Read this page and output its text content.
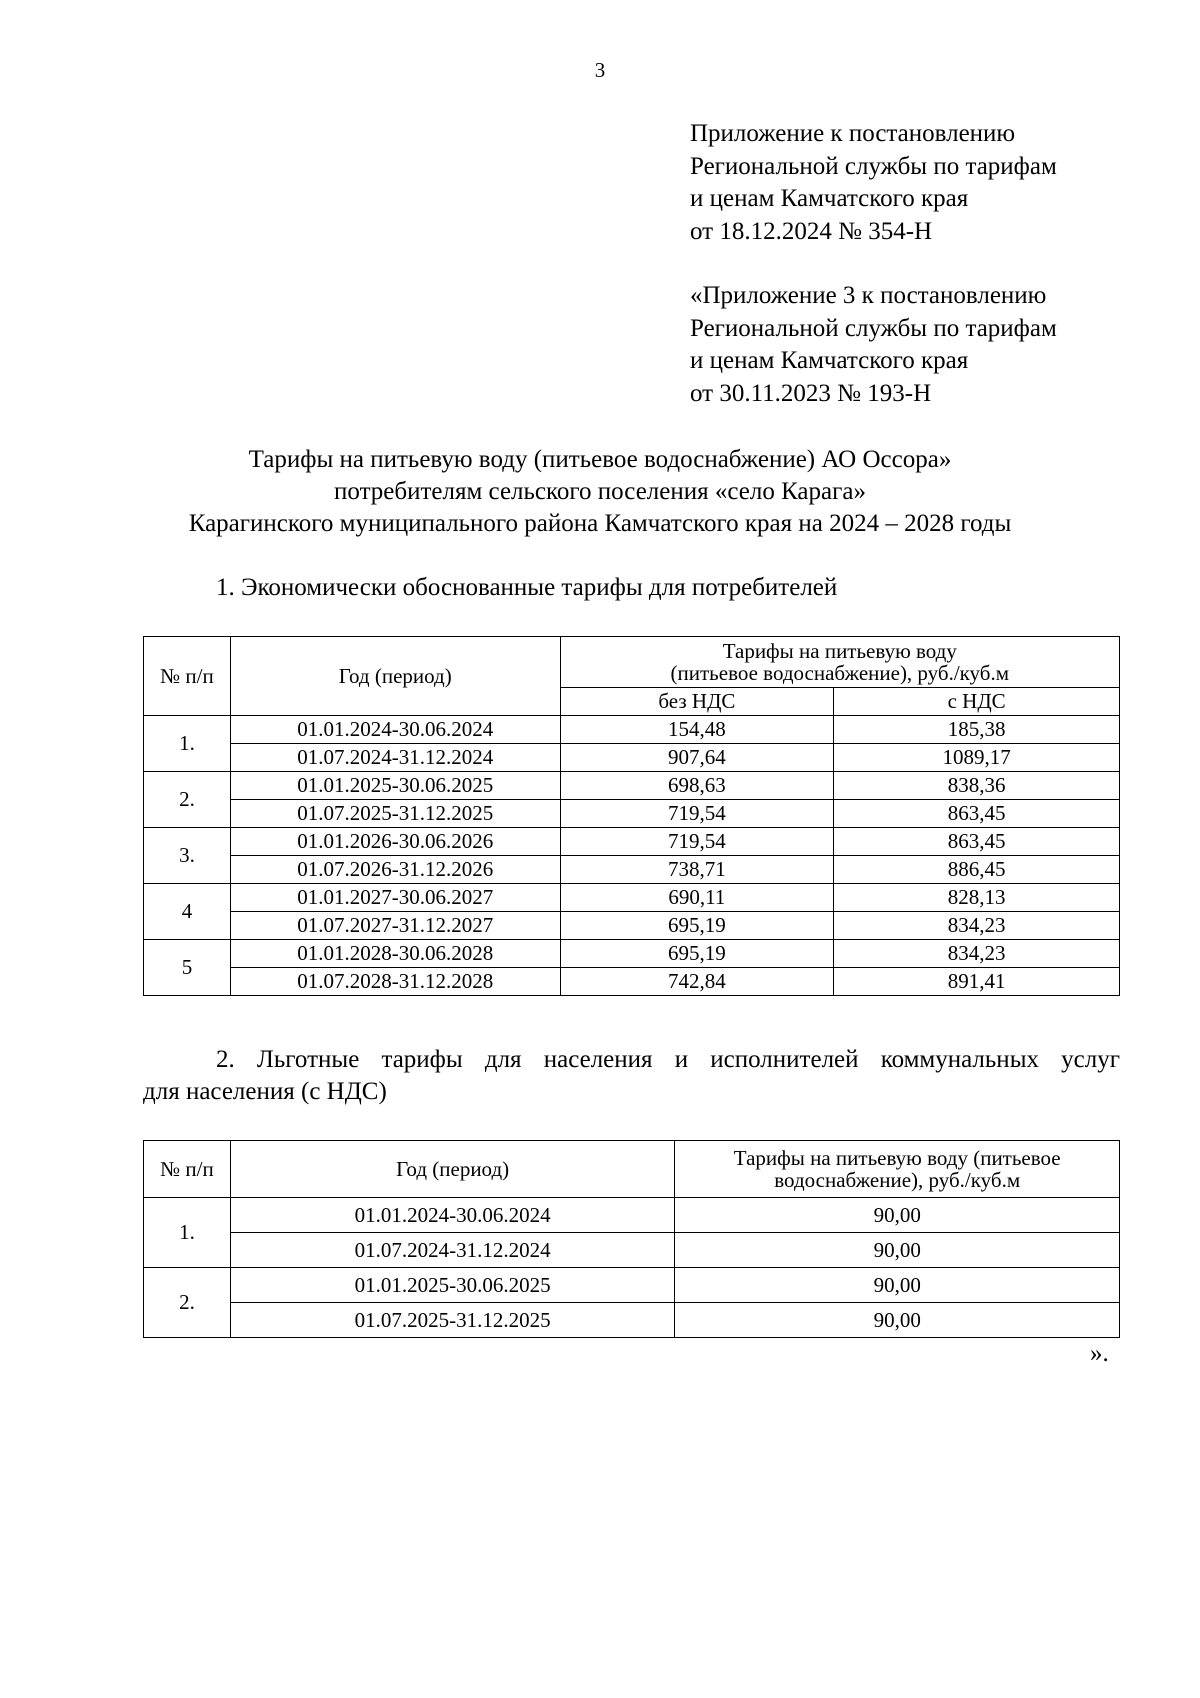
3
Приложение к постановлению
Региональной службы по тарифам
и ценам Камчатского края
от 18.12.2024 № 354-Н
«Приложение 3 к постановлению
Региональной службы по тарифам
и ценам Камчатского края
от 30.11.2023 № 193-Н
Тарифы на питьевую воду (питьевое водоснабжение) АО Оссора»
потребителям сельского поселения «село Карага»
Карагинского муниципального района Камчатского края на 2024 – 2028 годы
1. Экономически обоснованные тарифы для потребителей
№ п/п	Год (период)	Тарифы на питьевую воду
(питьевое водоснабжение), руб./куб.м	

		без НДС	с НДС
1.	01.01.2024-30.06.2024	154,48	185,38
	01.07.2024-31.12.2024	907,64	1089,17
2.	01.01.2025-30.06.2025	698,63	838,36
	01.07.2025-31.12.2025	719,54	863,45
3.	01.01.2026-30.06.2026	719,54	863,45
	01.07.2026-31.12.2026	738,71	886,45
4	01.01.2027-30.06.2027	690,11	828,13
	01.07.2027-31.12.2027	695,19	834,23
5	01.01.2028-30.06.2028	695,19	834,23
	01.07.2028-31.12.2028	742,84	891,41
2. Льготные тарифы для населения и исполнителей коммунальных услуг
для населения (с НДС)
№ п/п	Год (период)	Тарифы на питьевую воду (питьевое
водоснабжение), руб./куб.м

1.	01.01.2024-30.06.2024	90,00
	01.07.2024-31.12.2024	90,00
2.	01.01.2025-30.06.2025	90,00
	01.07.2025-31.12.2025	90,00
».
